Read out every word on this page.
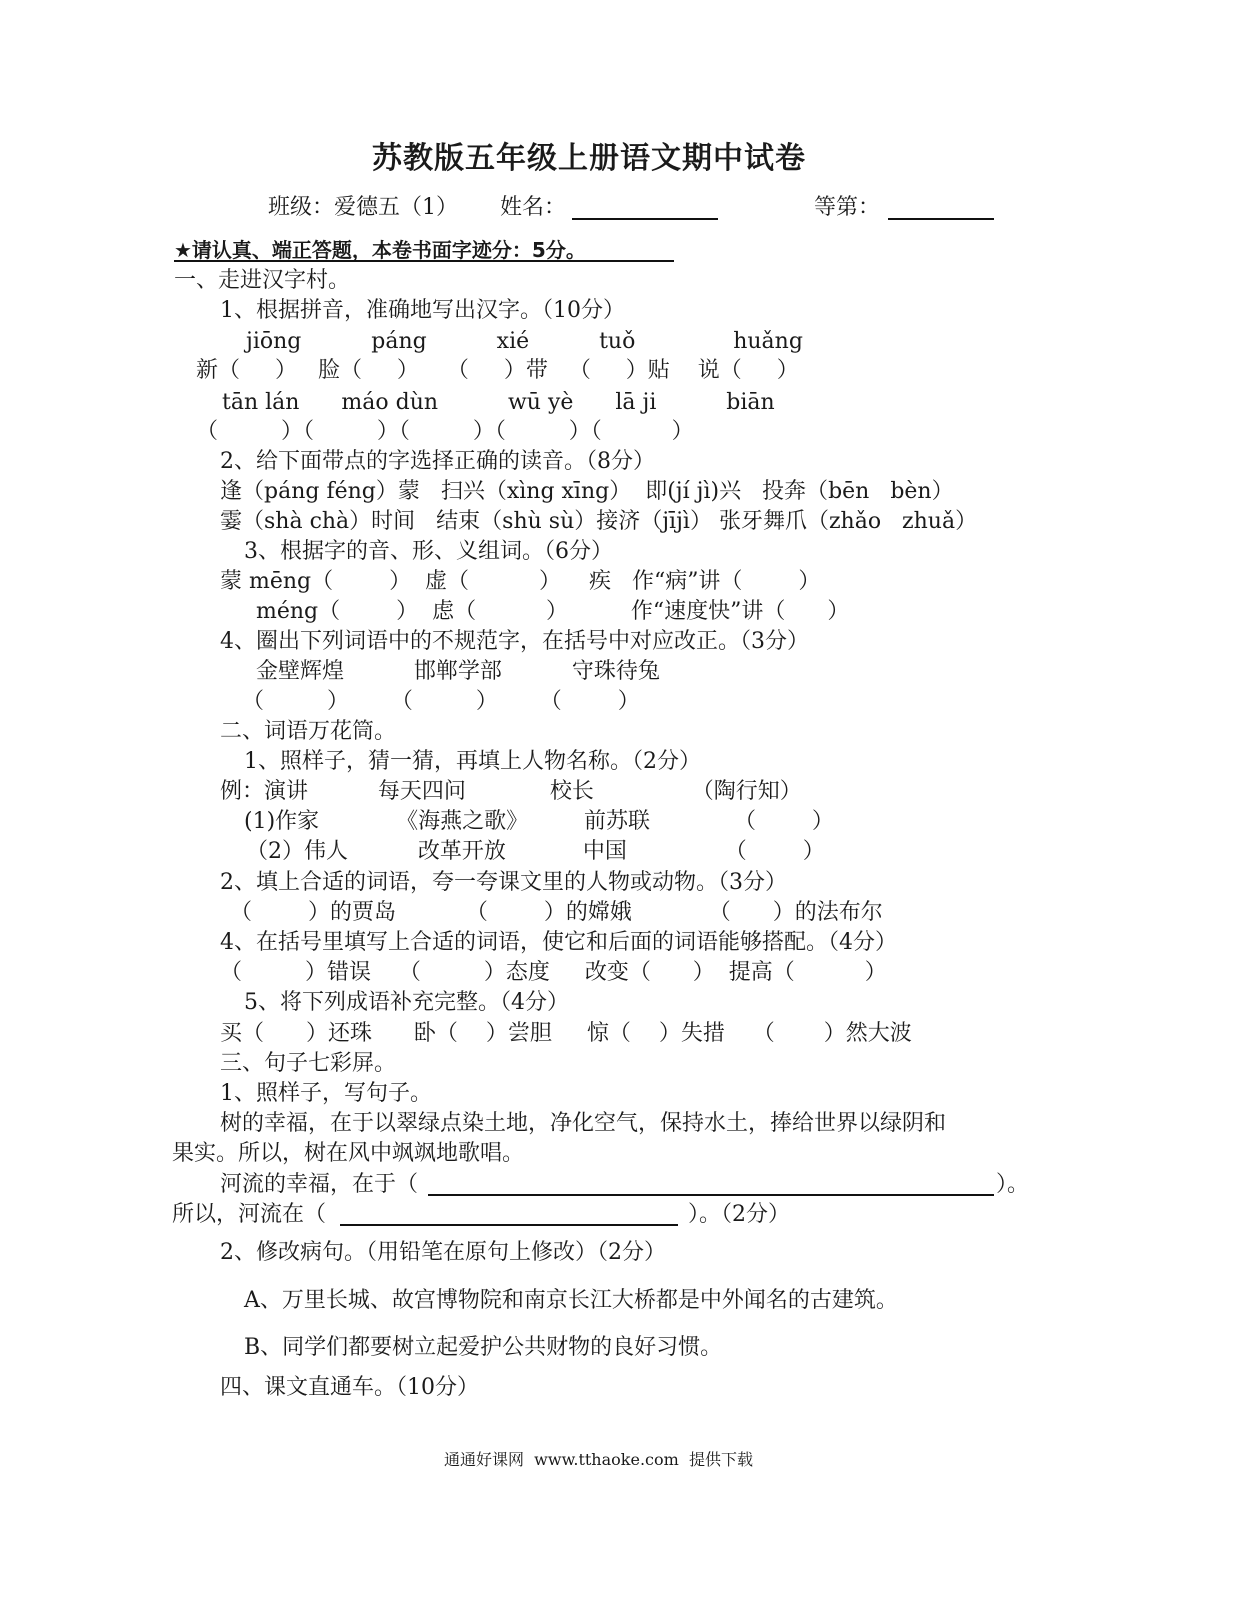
苏教版五年级上册语文期中试卷
班级：爱德五（1） 姓名：	等第：
★请认真、端正答题，本卷书面字迹分：5分。
一、走进汉字村。
1、根据拼音，准确地写出汉字。（10分）
jiōng          páng          xié          tuǒ              huǎng
新（     ）   脸（     ）    （     ）带   （     ）贴    说（     ）
tān lán      máo dùn          wū yè      lā ji          biān
（         ）（         ）（         ）（         ）（          ）
2、给下面带点的字选择正确的读音。（8分）
逢（páng féng）蒙   扫兴（xìng xīng）  即(jí jì)兴   投奔（bēn   bèn）
霎（shà chà）时间   结束（shù sù）接济（jījì） 张牙舞爪（zhǎo   zhuǎ）
3、根据字的音、形、义组词。（6分）
蒙 mēng（        ）  虚（          ）    疾   作“病”讲（        ）
méng（        ）  虑（          ）         作“速度快”讲（      ）
4、圈出下列词语中的不规范字，在括号中对应改正。（3分）
金壁辉煌          邯郸学部          守珠待兔
（         ）      （         ）      （        ）
二、词语万花筒。
1、照样子，猜一猜，再填上人物名称。（2分）
例：演讲          每天四问            校长              （陶行知）
(1)作家           《海燕之歌》        前苏联            （        ）
（2）伟人          改革开放           中国              （        ）
2、填上合适的词语，夸一夸课文里的人物或动物。（3分）
（        ）的贾岛          （        ）的嫦娥           （      ）的法布尔
4、在括号里填写上合适的词语，使它和后面的词语能够搭配。（4分）
（         ）错误    （         ）态度     改变（      ）  提高（          ）
5、将下列成语补充完整。（4分）
买（      ）还珠      卧（    ）尝胆     惊（    ）失措    （       ）然大波
三、句子七彩屏。
1、照样子，写句子。
树的幸福，在于以翠绿点染土地，净化空气，保持水土，捧给世界以绿阴和
果实。所以，树在风中飒飒地歌唱。
河流的幸福，在于（	）。
所以，河流在（	）。（2分）
2、修改病句。（用铅笔在原句上修改）（2分）
A、万里长城、故宫博物院和南京长江大桥都是中外闻名的古建筑。
B、同学们都要树立起爱护公共财物的良好习惯。
四、课文直通车。（10分）
通通好课网  www.tthaoke.com  提供下载
